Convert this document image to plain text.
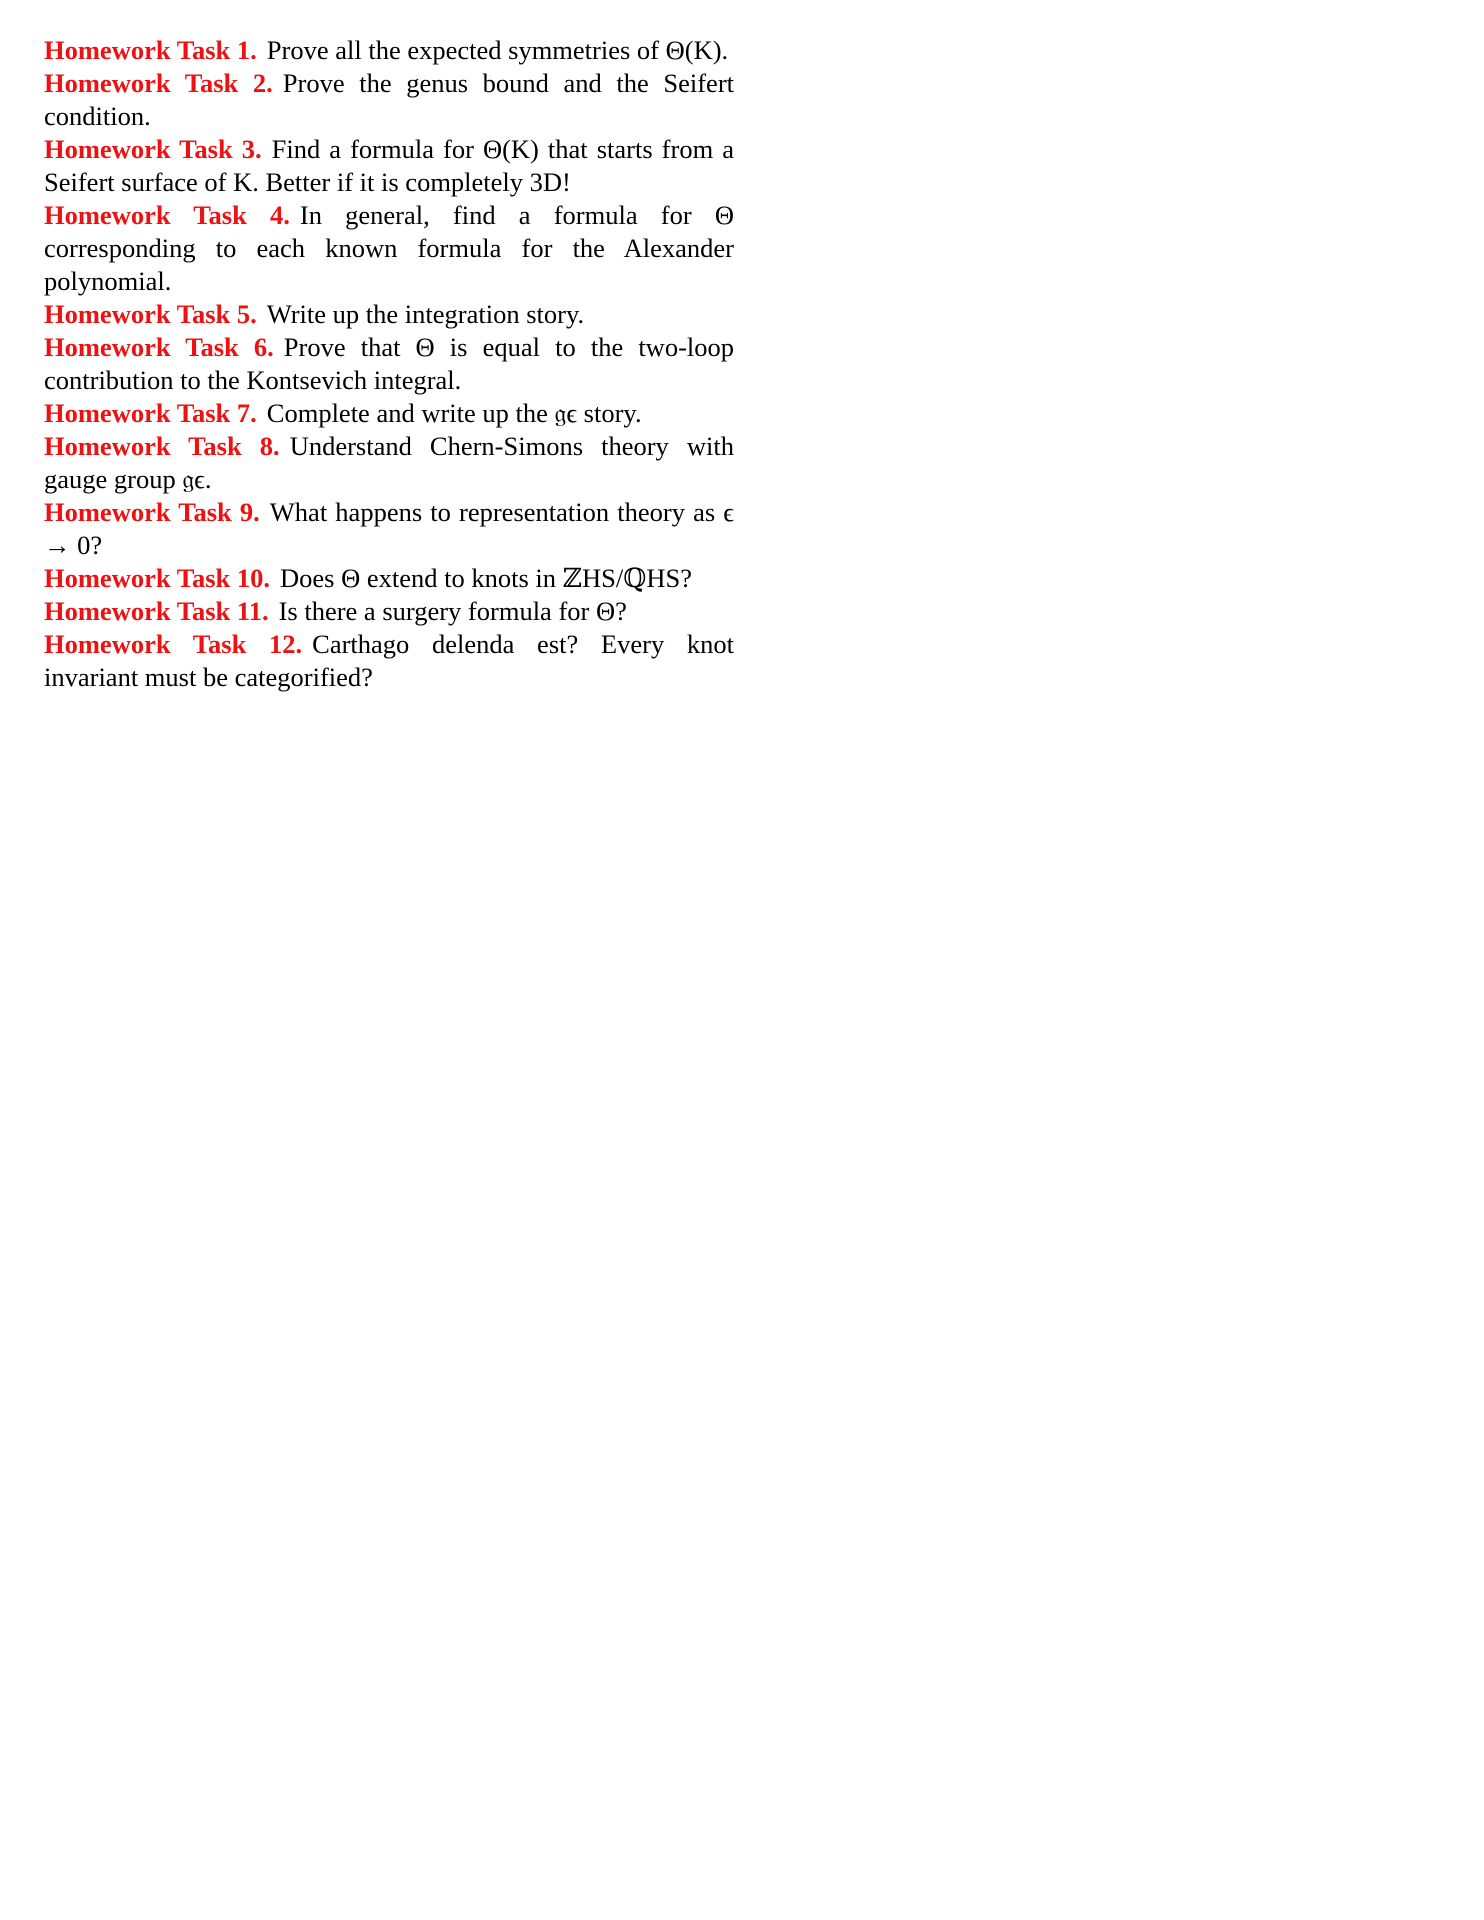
Homework Task 1. Prove all the expected symmetries of Θ(K).

Homework Task 2. Prove the genus bound and the Seifert condition.

Homework Task 3. Find a formula for Θ(K) that starts from a Seifert surface of K. Better if it is completely 3D!

Homework Task 4. In general, find a formula for Θ corresponding to each known formula for the Alexander polynomial.

Homework Task 5. Write up the integration story.

Homework Task 6. Prove that Θ is equal to the two-loop contribution to the Kontsevich integral.

Homework Task 7. Complete and write up the 𝔤ϵ story.

Homework Task 8. Understand Chern-Simons theory with gauge group 𝔤ϵ.

Homework Task 9. What happens to representation theory as ϵ → 0?

Homework Task 10. Does Θ extend to knots in ℤHS/ℚHS?

Homework Task 11. Is there a surgery formula for Θ?

Homework Task 12. Carthago delenda est? Every knot invariant must be categorified?
